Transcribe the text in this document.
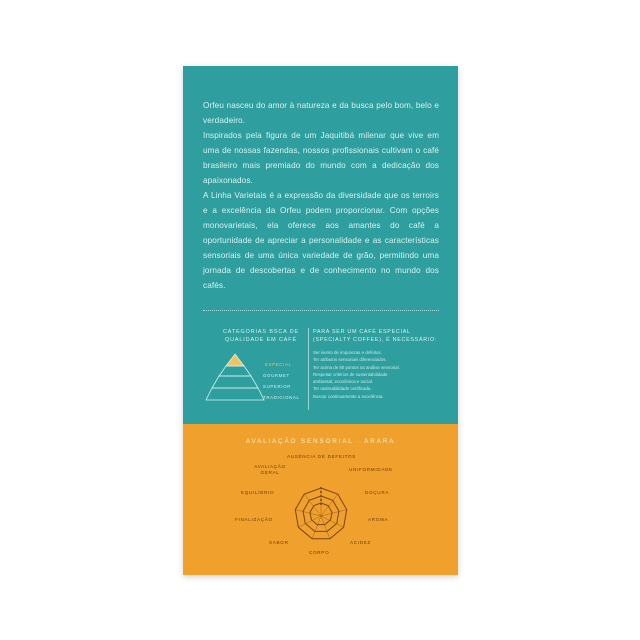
Orfeu nasceu do amor à natureza e da busca pelo bom, belo e verdadeiro.

Inspirados pela figura de um Jaquitibá milenar que vive em uma de nossas fazendas, nossos profissionais cultivam o café brasileiro mais premiado do mundo com a dedicação dos apaixonados.

A Linha Varietais é a expressão da diversidade que os terroirs e a excelência da Orfeu podem proporcionar. Com opções monovarietais, ela oferece aos amantes do café a oportunidade de apreciar a personalidade e as características sensoriais de uma única variedade de grão, permitindo uma jornada de descobertas e de conhecimento no mundo dos cafés.

CATEGORIAS BSCA DE
QUALIDADE EM CAFÉ
ESPECIAL
GOURMET
SUPERIOR
TRADICIONAL
PARA SER UM CAFÉ ESPECIAL
(SPECIALTY COFFEE), É NECESSÁRIO:
Ser isento de impurezas e defeitos.
Ter atributos sensoriais diferenciados.
Ter acima de 80 pontos na análise sensorial.
Respeitar critérios de sustentabilidade
ambiental, econômica e social.
Ter rastreabilidade certificada.
Buscar continuamente a excelência.
AVALIAÇÃO SENSORIAL · ARARA
AUSÊNCIA DE DEFEITOS
UNIFORMIDADE
AVALIAÇÃO
GERAL
EQUILÍBRIO	DOÇURA
FINALIZAÇÃO	AROMA
SABOR	ACIDEZ
CORPO
